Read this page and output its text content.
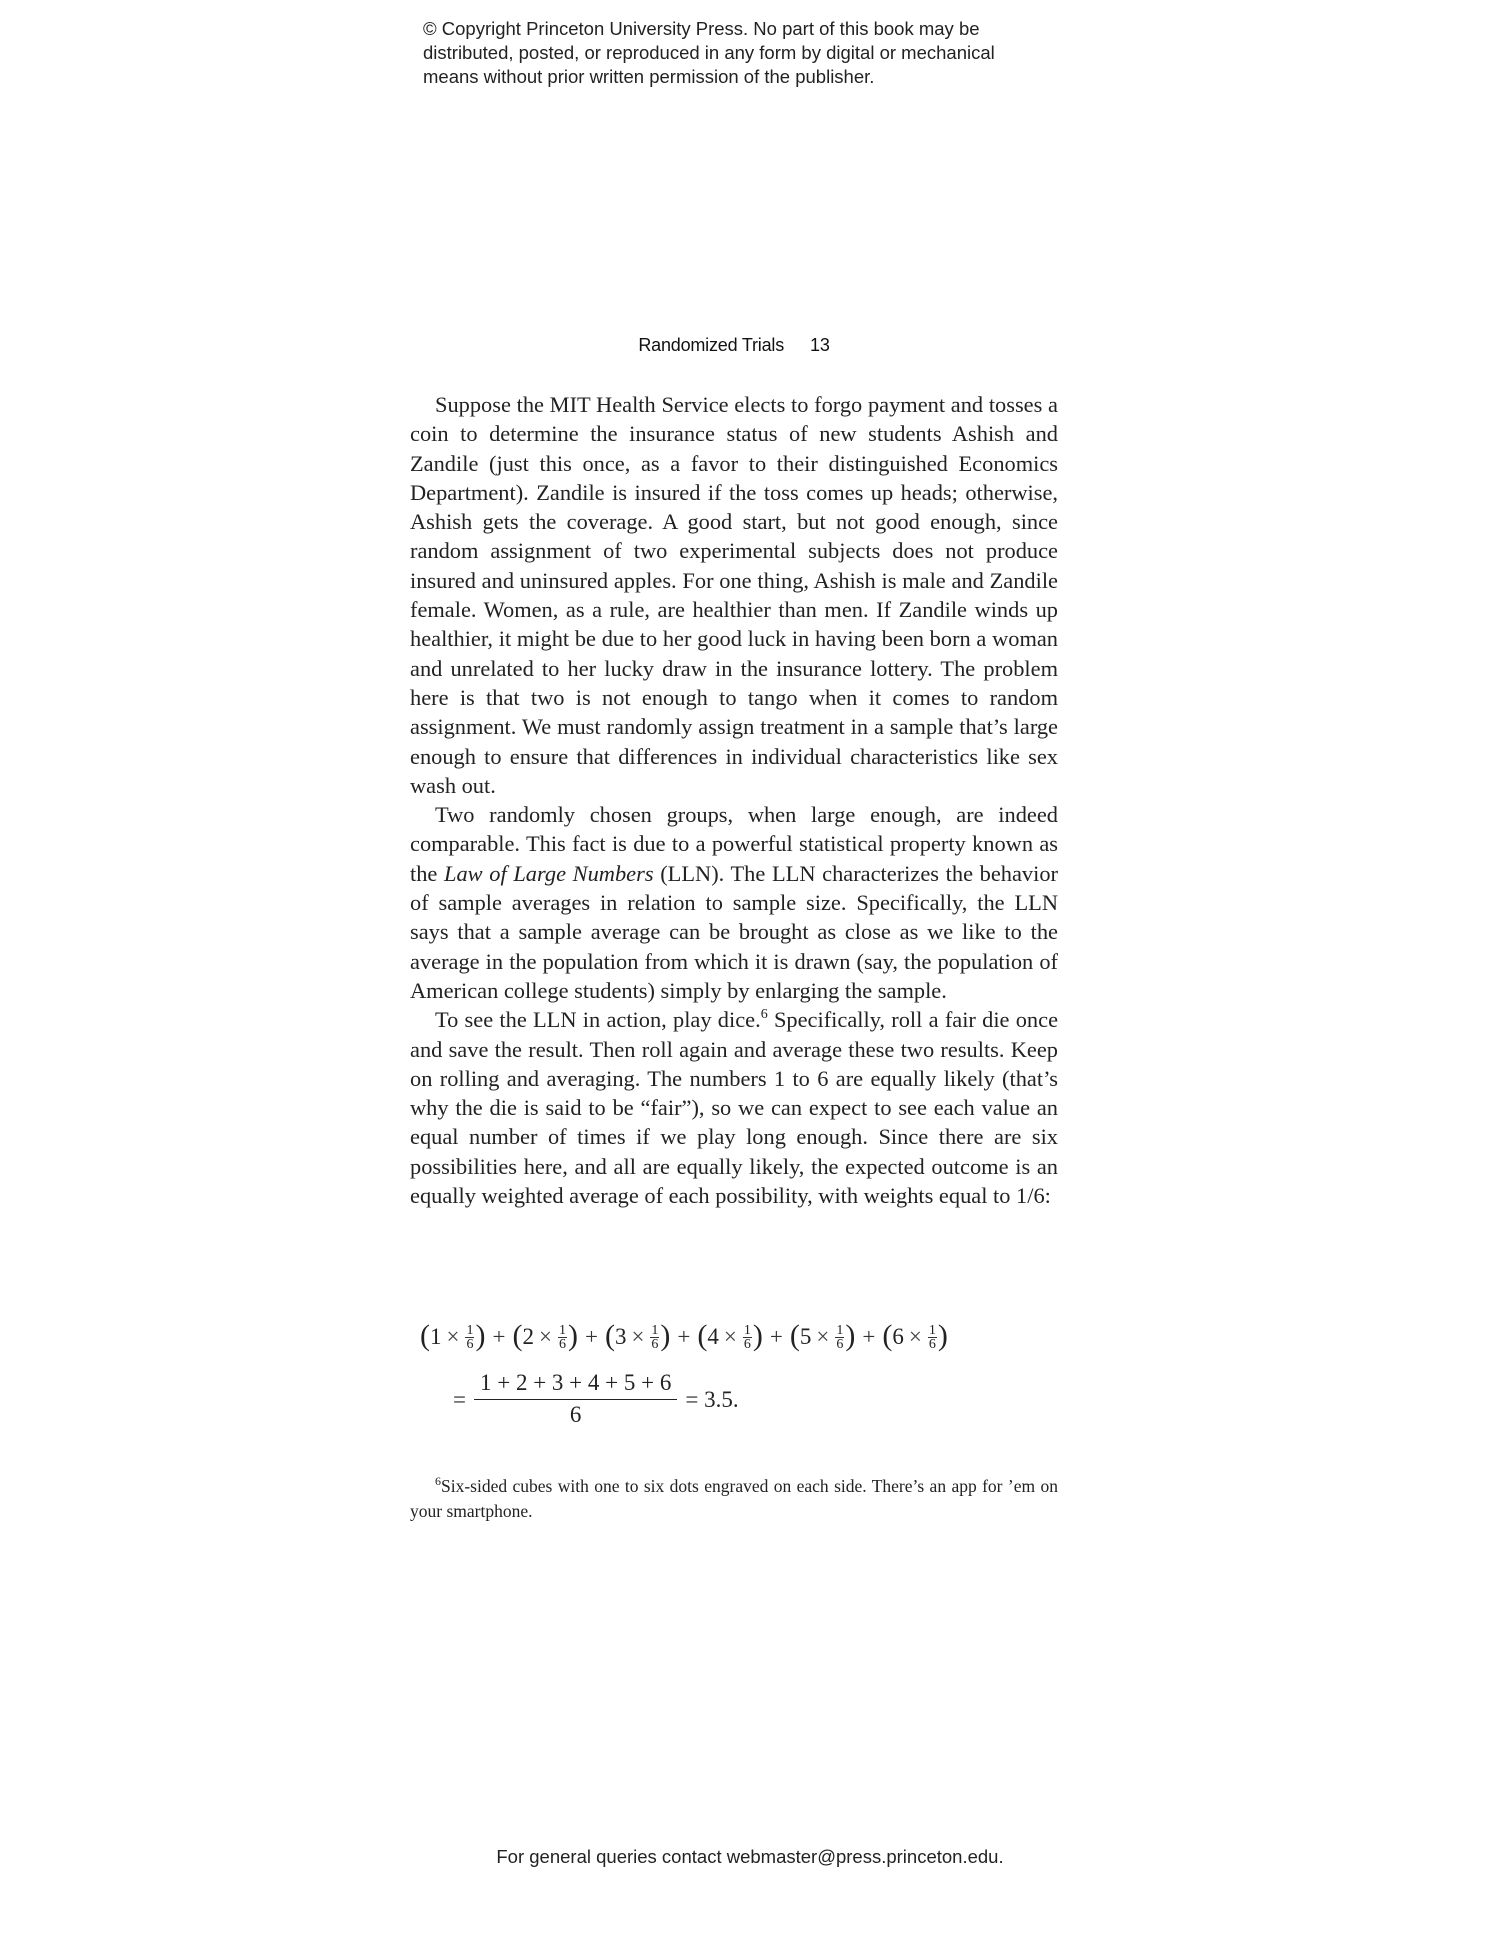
© Copyright Princeton University Press. No part of this book may be
distributed, posted, or reproduced in any form by digital or mechanical
means without prior written permission of the publisher.
Randomized Trials 13

Suppose the MIT Health Service elects to forgo payment and tosses a coin to determine the insurance status of new students Ashish and Zandile (just this once, as a favor to their distinguished Economics Department). Zandile is insured if the toss comes up heads; otherwise, Ashish gets the coverage. A good start, but not good enough, since random assignment of two experimental subjects does not produce insured and uninsured apples. For one thing, Ashish is male and Zandile female. Women, as a rule, are healthier than men. If Zandile winds up healthier, it might be due to her good luck in having been born a woman and unrelated to her lucky draw in the insurance lottery. The problem here is that two is not enough to tango when it comes to random assignment. We must randomly assign treatment in a sample that’s large enough to ensure that differences in individual characteristics like sex wash out.

Two randomly chosen groups, when large enough, are indeed comparable. This fact is due to a powerful statistical property known as the Law of Large Numbers (LLN). The LLN characterizes the behavior of sample averages in relation to sample size. Specifically, the LLN says that a sample average can be brought as close as we like to the average in the population from which it is drawn (say, the population of American college students) simply by enlarging the sample.

To see the LLN in action, play dice.$^6$ Specifically, roll a fair die once and save the result. Then roll again and average these two results. Keep on rolling and averaging. The numbers 1 to 6 are equally likely (that’s why the die is said to be “fair”), so we can expect to see each value an equal number of times if we play long enough. Since there are six possibilities here, and all are equally likely, the expected outcome is an equally weighted average of each possibility, with weights equal to 1/6:

( $1 \times \frac{1}{6}$ ) + ( $2 \times \frac{1}{6}$ ) + ( $3 \times \frac{1}{6}$ ) + ( $4 \times \frac{1}{6}$ ) + ( $5 \times \frac{1}{6}$ ) + ( $6 \times \frac{1}{6}$ )
= $\frac{1 + 2 + 3 + 4 + 5 + 6}{6} = 3.5$.

$^6$Six-sided cubes with one to six dots engraved on each side. There’s an app for ’em on your smartphone.

For general queries contact webmaster@press.princeton.edu.
